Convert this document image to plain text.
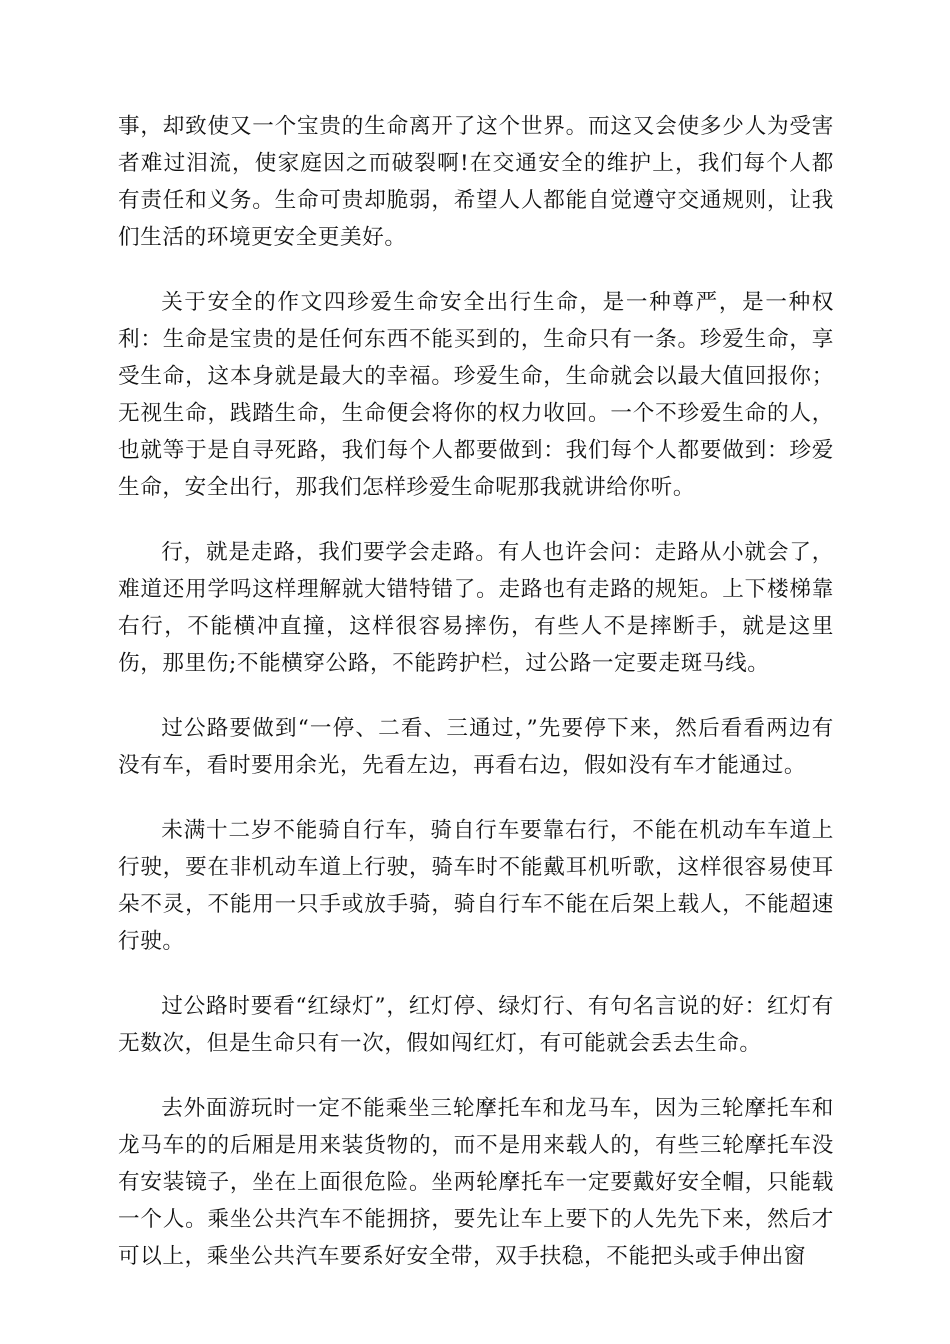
事，却致使又一个宝贵的生命离开了这个世界。而这又会使多少人为受害者难过泪流，使家庭因之而破裂啊!在交通安全的维护上，我们每个人都有责任和义务。生命可贵却脆弱，希望人人都能自觉遵守交通规则，让我们生活的环境更安全更美好。

关于安全的作文四珍爱生命安全出行生命，是一种尊严，是一种权利：生命是宝贵的是任何东西不能买到的，生命只有一条。珍爱生命，享受生命，这本身就是最大的幸福。珍爱生命，生命就会以最大值回报你；无视生命，践踏生命，生命便会将你的权力收回。一个不珍爱生命的人，也就等于是自寻死路，我们每个人都要做到：我们每个人都要做到：珍爱生命，安全出行，那我们怎样珍爱生命呢那我就讲给你听。

行，就是走路，我们要学会走路。有人也许会问：走路从小就会了，难道还用学吗这样理解就大错特错了。走路也有走路的规矩。上下楼梯靠右行，不能横冲直撞，这样很容易摔伤，有些人不是摔断手，就是这里伤，那里伤;不能横穿公路，不能跨护栏，过公路一定要走斑马线。

过公路要做到“一停、二看、三通过，”先要停下来，然后看看两边有没有车，看时要用余光，先看左边，再看右边，假如没有车才能通过。

未满十二岁不能骑自行车，骑自行车要靠右行，不能在机动车车道上行驶，要在非机动车道上行驶，骑车时不能戴耳机听歌，这样很容易使耳朵不灵，不能用一只手或放手骑，骑自行车不能在后架上载人，不能超速行驶。

过公路时要看“红绿灯”，红灯停、绿灯行、有句名言说的好：红灯有无数次，但是生命只有一次，假如闯红灯，有可能就会丢去生命。

去外面游玩时一定不能乘坐三轮摩托车和龙马车，因为三轮摩托车和龙马车的的后厢是用来装货物的，而不是用来载人的，有些三轮摩托车没有安装镜子，坐在上面很危险。坐两轮摩托车一定要戴好安全帽，只能载一个人。乘坐公共汽车不能拥挤，要先让车上要下的人先先下来，然后才可以上，乘坐公共汽车要系好安全带，双手扶稳，不能把头或手伸出窗
